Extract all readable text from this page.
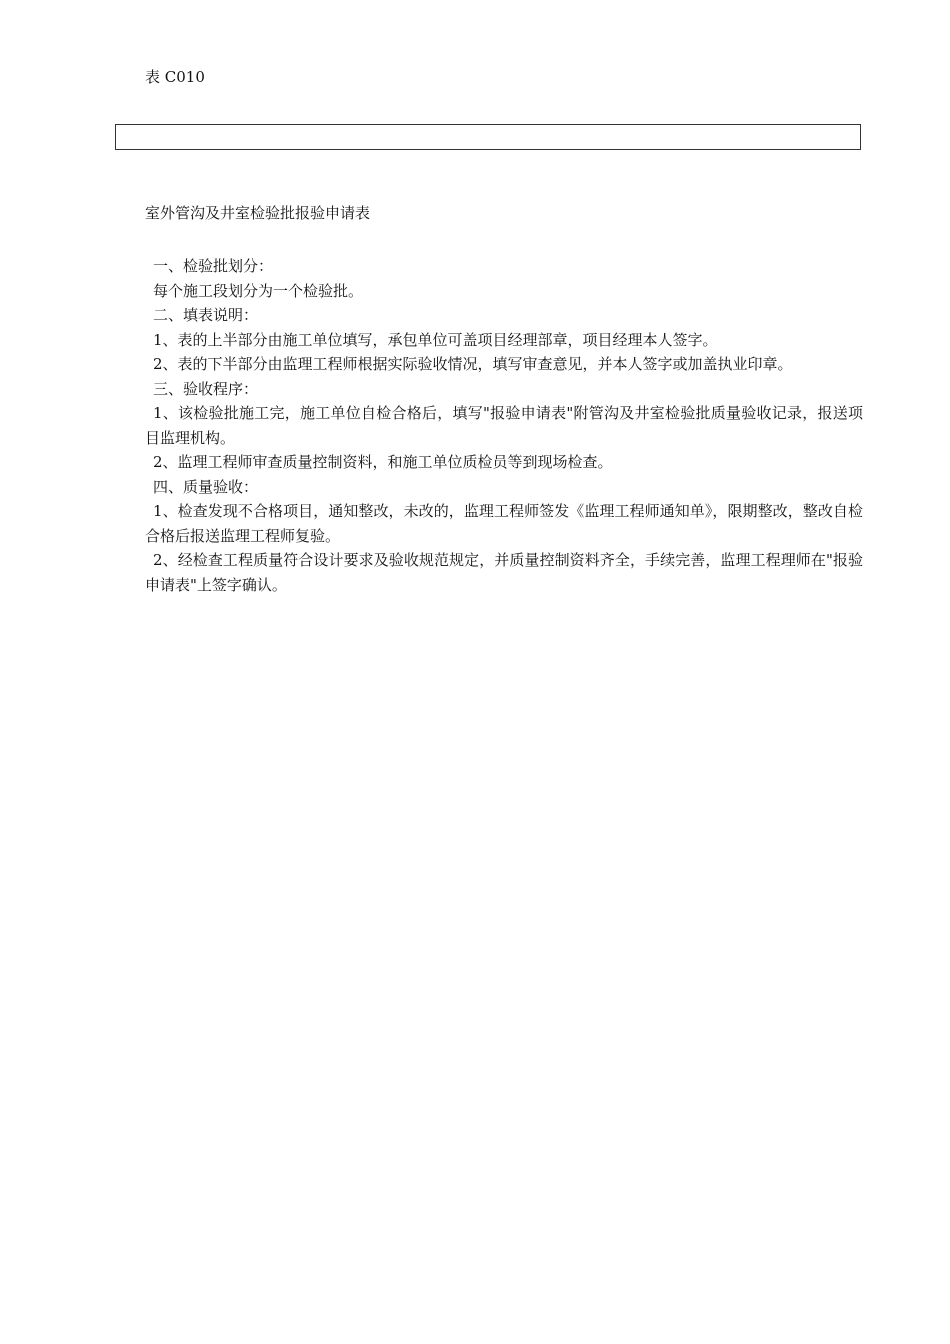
表 C010
室外管沟及井室检验批报验申请表

一、检验批划分：

每个施工段划分为一个检验批。

二、填表说明：

1、表的上半部分由施工单位填写，承包单位可盖项目经理部章，项目经理本人签字。

2、表的下半部分由监理工程师根据实际验收情况，填写审查意见，并本人签字或加盖执业印章。

三、验收程序：

1、该检验批施工完，施工单位自检合格后，填写"报验申请表"附管沟及井室检验批质量验收记录，报送项目监理机构。

2、监理工程师审查质量控制资料，和施工单位质检员等到现场检查。

四、质量验收：

1、检查发现不合格项目，通知整改，未改的，监理工程师签发《监理工程师通知单》，限期整改，整改自检合格后报送监理工程师复验。

2、经检查工程质量符合设计要求及验收规范规定，并质量控制资料齐全，手续完善，监理工程理师在"报验申请表"上签字确认。
